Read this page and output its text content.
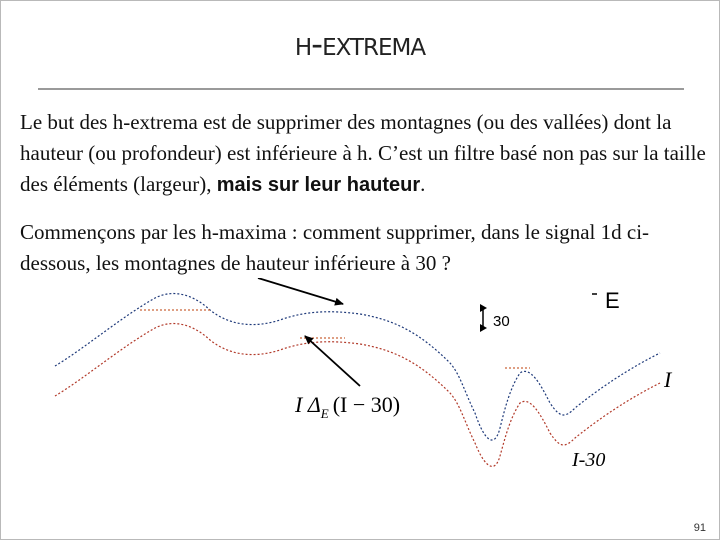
h-extrema

Le but des h-extrema est de supprimer des montagnes (ou des vallées) dont la hauteur (ou profondeur) est inférieure à h. C’est un filtre basé non pas sur la taille des éléments (largeur), mais sur leur hauteur.

Commençons par les h-maxima : comment supprimer, dans le signal 1d ci-dessous, les montagnes de hauteur inférieure à 30 ?

30
E
I
I-30
I $\Delta_E$ (I − 30)
91
